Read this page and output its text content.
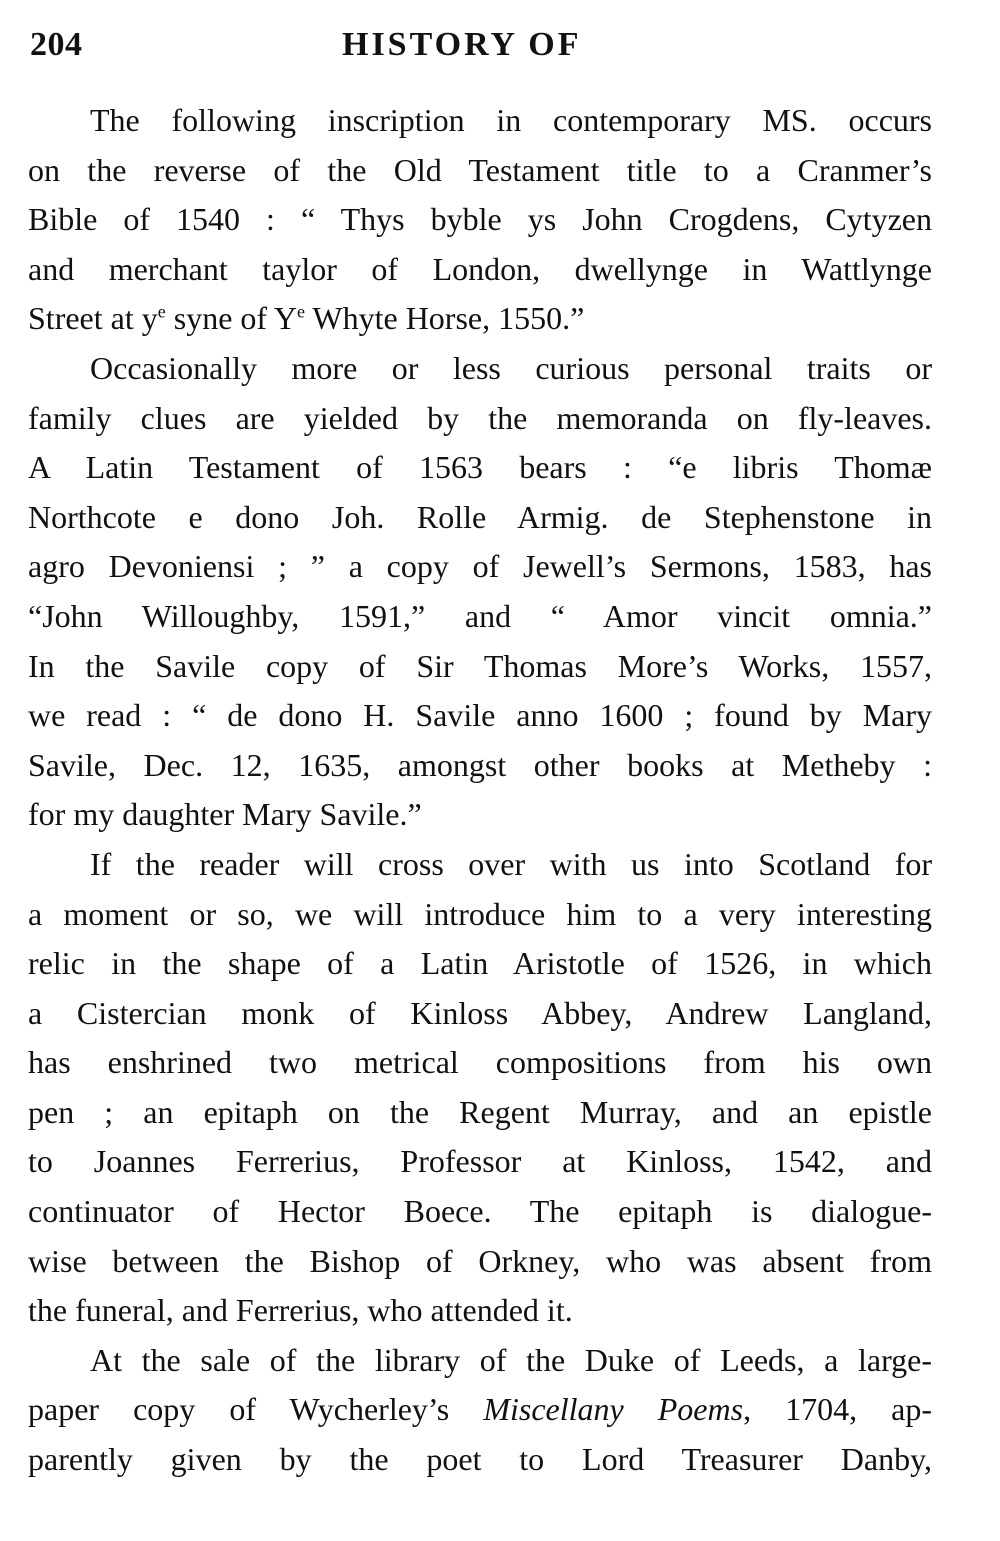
204	HISTORY OF
The following inscription in contemporary MS. occurs
on the reverse of the Old Testament title to a Cranmer’s
Bible of 1540 : “ Thys byble ys John Crogdens, Cytyzen
and merchant taylor of London, dwellynge in Wattlynge
Street at $y^e$ syne of $Y^e$ Whyte Horse, 1550.”
Occasionally more or less curious personal traits or
family clues are yielded by the memoranda on fly-leaves.
A Latin Testament of 1563 bears : “e libris Thomæ
Northcote e dono Joh. Rolle Armig. de Stephenstone in
agro Devoniensi ; ” a copy of Jewell’s Sermons, 1583, has
“John Willoughby, 1591,” and “ Amor vincit omnia.”
In the Savile copy of Sir Thomas More’s Works, 1557,
we read : “ de dono H. Savile anno 1600 ; found by Mary
Savile, Dec. 12, 1635, amongst other books at Metheby :
for my daughter Mary Savile.”
If the reader will cross over with us into Scotland for
a moment or so, we will introduce him to a very interesting
relic in the shape of a Latin Aristotle of 1526, in which
a Cistercian monk of Kinloss Abbey, Andrew Langland,
has enshrined two metrical compositions from his own
pen ; an epitaph on the Regent Murray, and an epistle
to Joannes Ferrerius, Professor at Kinloss, 1542, and
continuator of Hector Boece. The epitaph is dialogue-
wise between the Bishop of Orkney, who was absent from
the funeral, and Ferrerius, who attended it.
At the sale of the library of the Duke of Leeds, a large-
paper copy of Wycherley’s Miscellany Poems, 1704, ap-
parently given by the poet to Lord Treasurer Danby,
